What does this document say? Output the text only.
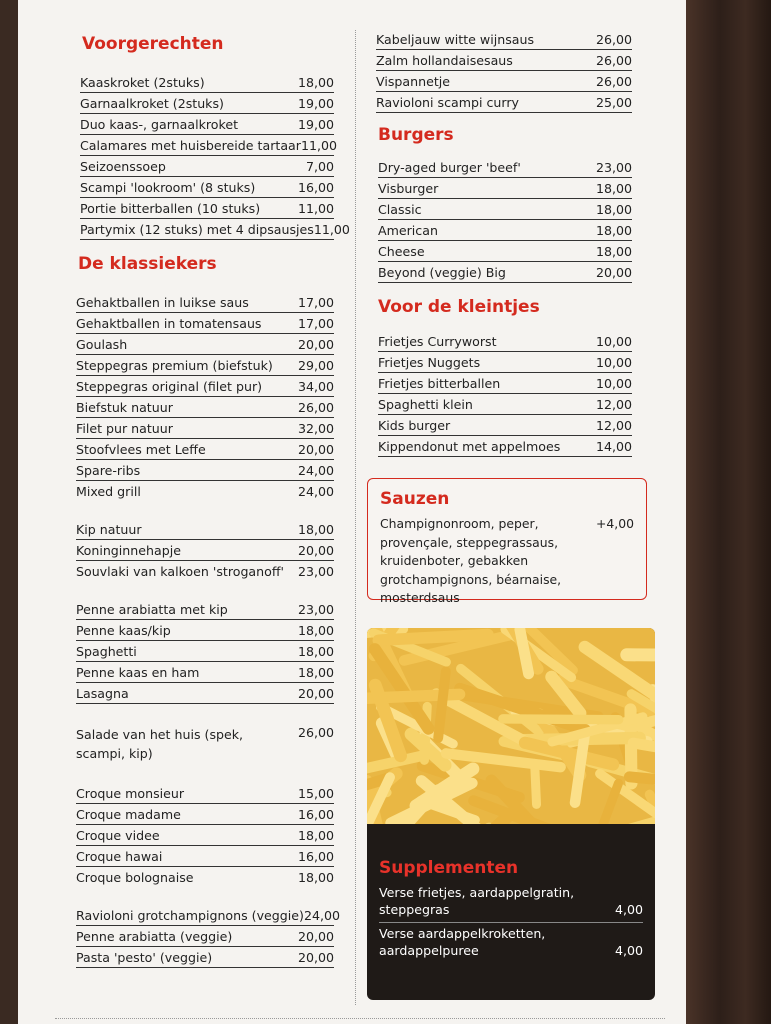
Voorgerechten
Kaaskroket (2stuks)	18,00
Garnaalkroket (2stuks)	19,00
Duo kaas-, garnaalkroket	19,00
Calamares met huisbereide tartaar 11,00
Seizoenssoep	7,00
Scampi 'lookroom' (8 stuks)	16,00
Portie bitterballen (10 stuks)	11,00
Partymix (12 stuks) met 4 dipsausjes 11,00
De klassiekers
Gehaktballen in luikse saus	17,00
Gehaktballen in tomatensaus	17,00
Goulash	20,00
Steppegras premium (biefstuk) 29,00
Steppegras original (filet pur)	34,00
Biefstuk natuur	26,00
Filet pur natuur	32,00
Stoofvlees met Leffe	20,00
Spare-ribs	24,00
Mixed grill	24,00
Kip natuur	18,00
Koninginnehapje	20,00
Souvlaki van kalkoen 'stroganoff' 23,00
Penne arabiatta met kip	23,00
Penne kaas/kip	18,00
Spaghetti	18,00
Penne kaas en ham	18,00
Lasagna	20,00
Salade van het huis (spek, scampi, kip)
26,00
Croque monsieur	15,00
Croque madame	16,00
Croque videe	18,00
Croque hawai	16,00
Croque bolognaise	18,00
Ravioloni grotchampignons (veggie) 24,00
Penne arabiatta (veggie)	20,00
Pasta 'pesto' (veggie)	20,00
Kabeljauw witte wijnsaus	26,00
Zalm hollandaisesaus	26,00
Vispannetje	26,00
Ravioloni scampi curry	25,00
Burgers
Dry-aged burger 'beef'	23,00
Visburger	18,00
Classic	18,00
American	18,00
Cheese	18,00
Beyond (veggie) Big	20,00
Voor de kleintjes
Frietjes Curryworst	10,00
Frietjes Nuggets	10,00
Frietjes bitterballen	10,00
Spaghetti klein	12,00
Kids burger	12,00
Kippendonut met appelmoes	14,00
Sauzen
Champignonroom, peper, provençale, steppegrassaus, kruidenboter, gebakken grotchampignons, béarnaise, mosterdsaus
+4,00
Supplementen
Verse frietjes, aardappelgratin, steppegras	4,00
Verse aardappelkroketten, aardappelpuree	4,00
